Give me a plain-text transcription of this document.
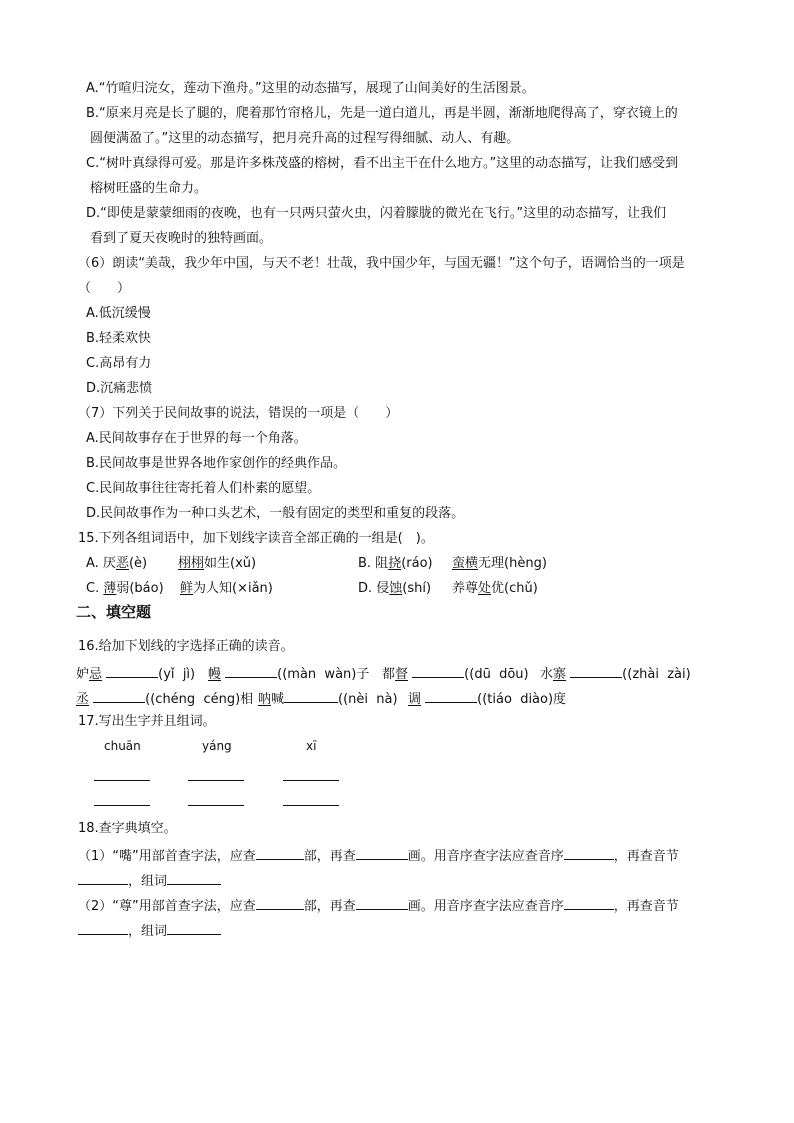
A.“竹喧归浣女，莲动下渔舟。”这里的动态描写，展现了山间美好的生活图景。
B.“原来月亮是长了腿的，爬着那竹帘格儿，先是一道白道儿，再是半圆，渐渐地爬得高了，穿衣镜上的
圆便满盈了。”这里的动态描写，把月亮升高的过程写得细腻、动人、有趣。
C.“树叶真绿得可爱。那是许多株茂盛的榕树，看不出主干在什么地方。”这里的动态描写，让我们感受到
榕树旺盛的生命力。
D.“即使是蒙蒙细雨的夜晚，也有一只两只萤火虫，闪着朦胧的微光在飞行。”这里的动态描写，让我们
看到了夏天夜晚时的独特画面。
（6）朗读“美哉，我少年中国，与天不老！壮哉，我中国少年，与国无疆！”这个句子，语调恰当的一项是
（　　）
A.低沉缓慢
B.轻柔欢快
C.高昂有力
D.沉痛悲愤
（7）下列关于民间故事的说法，错误的一项是（　　）
A.民间故事存在于世界的每一个角落。
B.民间故事是世界各地作家创作的经典作品。
C.民间故事往往寄托着人们朴素的愿望。
D.民间故事作为一种口头艺术，一般有固定的类型和重复的段落。
15.下列各组词语中，加下划线字读音全部正确的一组是(　)。
A. 厌恶(è) 栩栩如生(xǔ)	B. 阻挠(ráo) 蛮横无理(hèng)
C. 薄弱(báo) 鲜为人知(×iǎn)	D. 侵蚀(shí) 养尊处优(chǔ)
二、填空题
16.给加下划线的字选择正确的读音。
妒忌	(yǐ  jì) 幔	((màn  wàn)子 都督	((dū  dōu) 水寨	((zhài  zài)
丞	((chéng  céng)相 呐喊	((nèi  nà) 调	((tiáo  diào)度
17.写出生字并且组词。
chuān	yáng	xī
18.查字典填空。
（1）“嘴”用部首查字法，应查	部，再查	画。用音序查字法应查音序	，再查音节
，组词
（2）“尊”用部首查字法，应查	部，再查	画。用音序查字法应查音序	，再查音节
，组词
